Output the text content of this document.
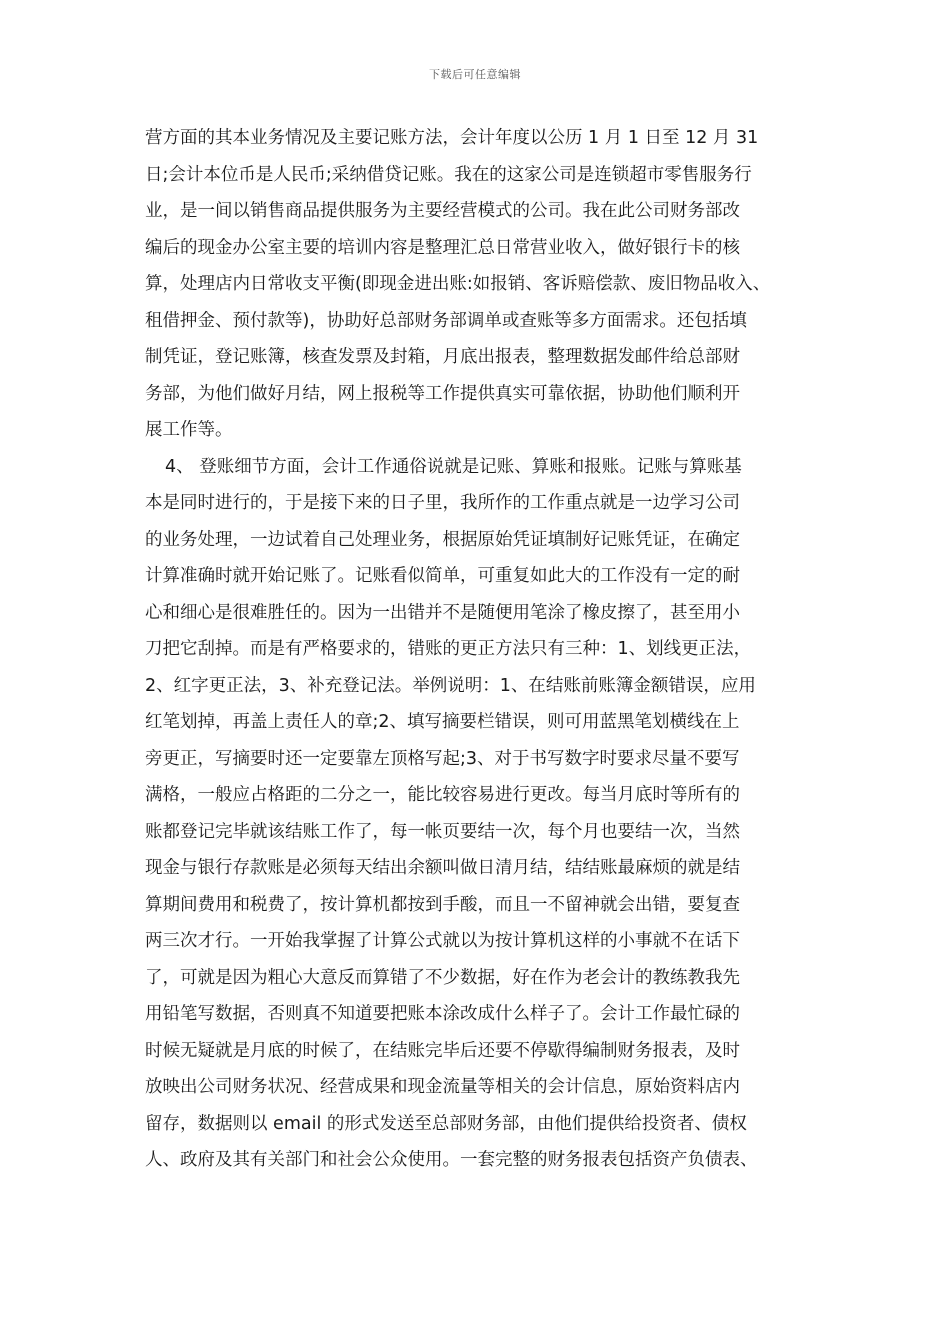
下载后可任意编辑
营方面的其本业务情况及主要记账方法，会计年度以公历 1 月 1 日至 12 月 31
日;会计本位币是人民币;采纳借贷记账。我在的这家公司是连锁超市零售服务行
业，是一间以销售商品提供服务为主要经营模式的公司。我在此公司财务部改
编后的现金办公室主要的培训内容是整理汇总日常营业收入，做好银行卡的核
算，处理店内日常收支平衡(即现金进出账:如报销、客诉赔偿款、废旧物品收入、
租借押金、预付款等)，协助好总部财务部调单或查账等多方面需求。还包括填
制凭证，登记账簿，核查发票及封箱，月底出报表，整理数据发邮件给总部财
务部，为他们做好月结，网上报税等工作提供真实可靠依据，协助他们顺利开
展工作等。
4、 登账细节方面，会计工作通俗说就是记账、算账和报账。记账与算账基
本是同时进行的，于是接下来的日子里，我所作的工作重点就是一边学习公司
的业务处理，一边试着自己处理业务，根据原始凭证填制好记账凭证，在确定
计算准确时就开始记账了。记账看似简单，可重复如此大的工作没有一定的耐
心和细心是很难胜任的。因为一出错并不是随便用笔涂了橡皮擦了，甚至用小
刀把它刮掉。而是有严格要求的，错账的更正方法只有三种：1、划线更正法，
2、红字更正法，3、补充登记法。举例说明：1、在结账前账簿金额错误，应用
红笔划掉，再盖上责任人的章;2、填写摘要栏错误，则可用蓝黑笔划横线在上
旁更正，写摘要时还一定要靠左顶格写起;3、对于书写数字时要求尽量不要写
满格，一般应占格距的二分之一，能比较容易进行更改。每当月底时等所有的
账都登记完毕就该结账工作了，每一帐页要结一次，每个月也要结一次，当然
现金与银行存款账是必须每天结出余额叫做日清月结，结结账最麻烦的就是结
算期间费用和税费了，按计算机都按到手酸，而且一不留神就会出错，要复查
两三次才行。一开始我掌握了计算公式就以为按计算机这样的小事就不在话下
了，可就是因为粗心大意反而算错了不少数据，好在作为老会计的教练教我先
用铅笔写数据，否则真不知道要把账本涂改成什么样子了。会计工作最忙碌的
时候无疑就是月底的时候了，在结账完毕后还要不停歇得编制财务报表，及时
放映出公司财务状况、经营成果和现金流量等相关的会计信息，原始资料店内
留存，数据则以 email 的形式发送至总部财务部，由他们提供给投资者、债权
人、政府及其有关部门和社会公众使用。一套完整的财务报表包括资产负债表、
